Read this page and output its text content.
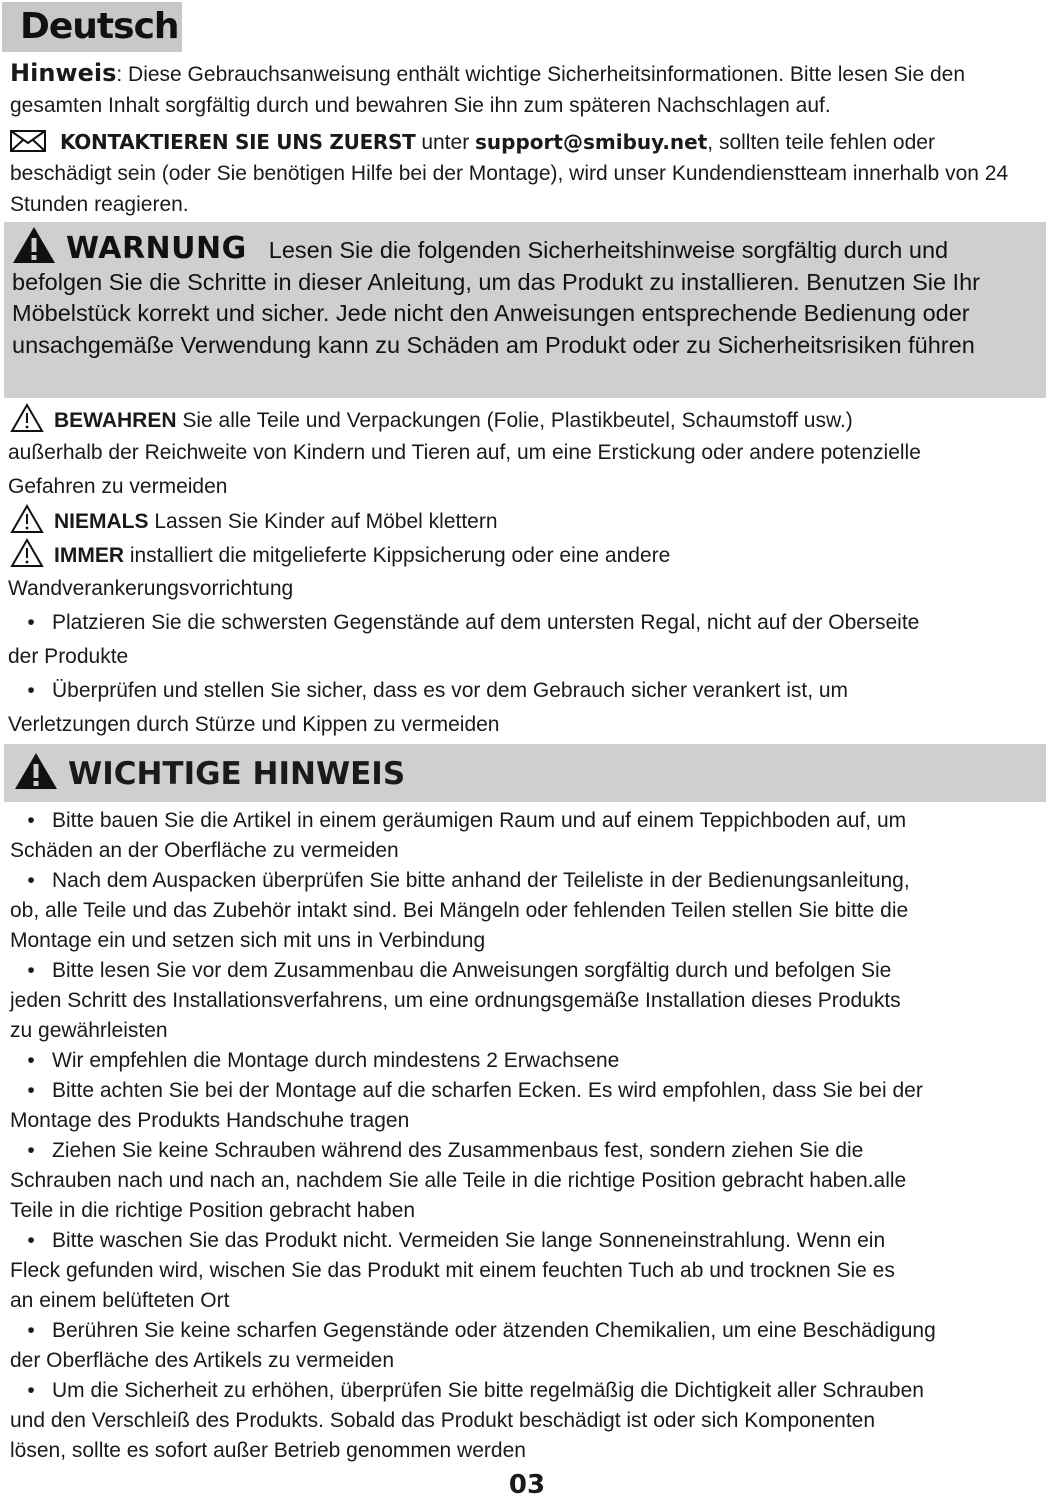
Deutsch
Hinweis: Diese Gebrauchsanweisung enthält wichtige Sicherheitsinformationen. Bitte lesen Sie den gesamten Inhalt sorgfältig durch und bewahren Sie ihn zum späteren Nachschlagen auf.
KONTAKTIEREN SIE UNS ZUERST unter support@smibuy.net, sollten teile fehlen oder beschädigt sein (oder Sie benötigen Hilfe bei der Montage), wird unser Kundendienstteam innerhalb von 24 Stunden reagieren.
WARNUNG Lesen Sie die folgenden Sicherheitshinweise sorgfältig durch und befolgen Sie die Schritte in dieser Anleitung, um das Produkt zu installieren. Benutzen Sie Ihr Möbelstück korrekt und sicher. Jede nicht den Anweisungen entsprechende Bedienung oder unsachgemäße Verwendung kann zu Schäden am Produkt oder zu Sicherheitsrisiken führen
BEWAHREN Sie alle Teile und Verpackungen (Folie, Plastikbeutel, Schaumstoff usw.)
außerhalb der Reichweite von Kindern und Tieren auf, um eine Erstickung oder andere potenzielle
Gefahren zu vermeiden
NIEMALS Lassen Sie Kinder auf Möbel klettern
IMMER installiert die mitgelieferte Kippsicherung oder eine andere
Wandverankerungsvorrichtung
• Platzieren Sie die schwersten Gegenstände auf dem untersten Regal, nicht auf der Oberseite
der Produkte
• Überprüfen und stellen Sie sicher, dass es vor dem Gebrauch sicher verankert ist, um
Verletzungen durch Stürze und Kippen zu vermeiden
WICHTIGE HINWEIS

• Bitte bauen Sie die Artikel in einem geräumigen Raum und auf einem Teppichboden auf, um

Schäden an der Oberfläche zu vermeiden

• Nach dem Auspacken überprüfen Sie bitte anhand der Teileliste in der Bedienungsanleitung,

ob, alle Teile und das Zubehör intakt sind. Bei Mängeln oder fehlenden Teilen stellen Sie bitte die

Montage ein und setzen sich mit uns in Verbindung

• Bitte lesen Sie vor dem Zusammenbau die Anweisungen sorgfältig durch und befolgen Sie

jeden Schritt des Installationsverfahrens, um eine ordnungsgemäße Installation dieses Produkts

zu gewährleisten

• Wir empfehlen die Montage durch mindestens 2 Erwachsene

• Bitte achten Sie bei der Montage auf die scharfen Ecken. Es wird empfohlen, dass Sie bei der

Montage des Produkts Handschuhe tragen

• Ziehen Sie keine Schrauben während des Zusammenbaus fest, sondern ziehen Sie die

Schrauben nach und nach an, nachdem Sie alle Teile in die richtige Position gebracht haben.alle

Teile in die richtige Position gebracht haben

• Bitte waschen Sie das Produkt nicht. Vermeiden Sie lange Sonneneinstrahlung. Wenn ein

Fleck gefunden wird, wischen Sie das Produkt mit einem feuchten Tuch ab und trocknen Sie es

an einem belüfteten Ort

• Berühren Sie keine scharfen Gegenstände oder ätzenden Chemikalien, um eine Beschädigung

der Oberfläche des Artikels zu vermeiden

• Um die Sicherheit zu erhöhen, überprüfen Sie bitte regelmäßig die Dichtigkeit aller Schrauben

und den Verschleiß des Produkts. Sobald das Produkt beschädigt ist oder sich Komponenten

lösen, sollte es sofort außer Betrieb genommen werden

03
